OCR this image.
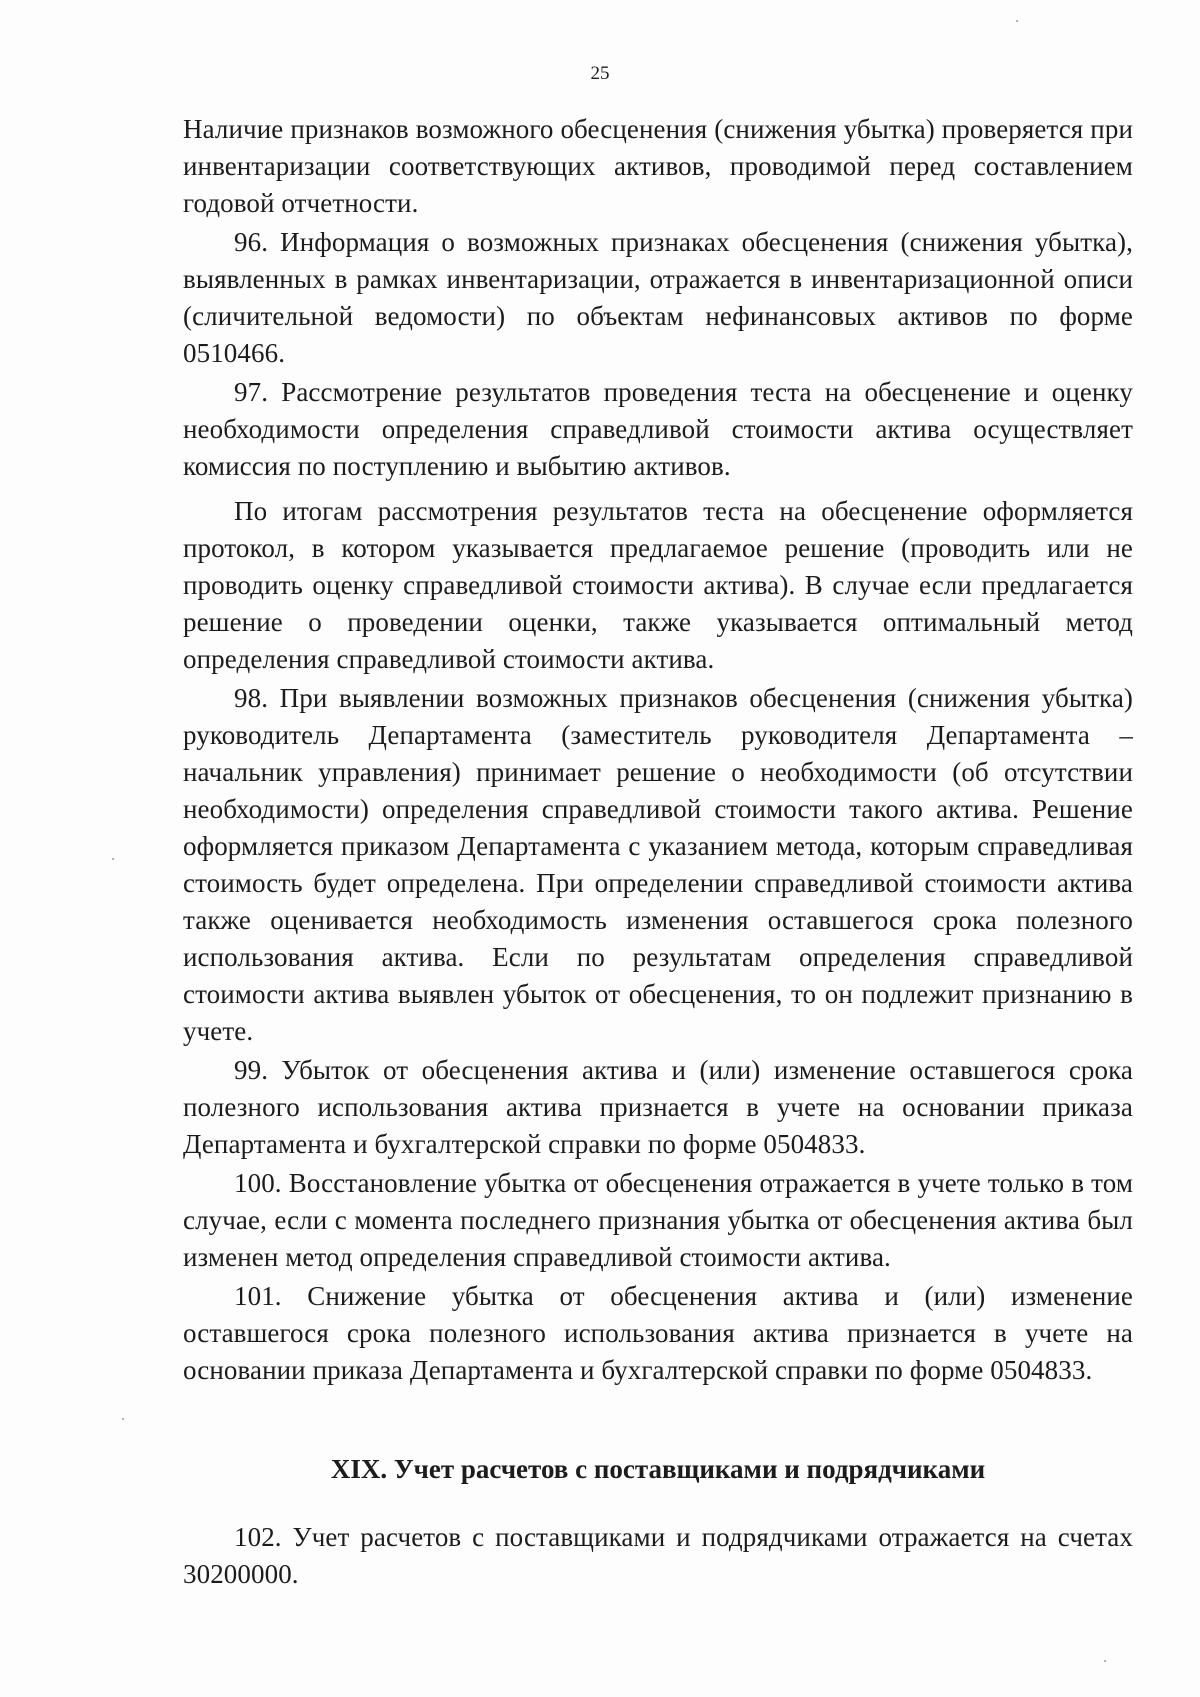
25

Наличие признаков возможного обесценения (снижения убытка) проверяется при инвентаризации соответствующих активов, проводимой перед составлением годовой отчетности.

96. Информация о возможных признаках обесценения (снижения убытка), выявленных в рамках инвентаризации, отражается в инвентаризационной описи (сличительной ведомости) по объектам нефинансовых активов по форме 0510466.

97. Рассмотрение результатов проведения теста на обесценение и оценку необходимости определения справедливой стоимости актива осуществляет комиссия по поступлению и выбытию активов.

По итогам рассмотрения результатов теста на обесценение оформляется протокол, в котором указывается предлагаемое решение (проводить или не проводить оценку справедливой стоимости актива). В случае если предлагается решение о проведении оценки, также указывается оптимальный метод определения справедливой стоимости актива.

98. При выявлении возможных признаков обесценения (снижения убытка) руководитель Департамента (заместитель руководителя Департамента – начальник управления) принимает решение о необходимости (об отсутствии необходимости) определения справедливой стоимости такого актива. Решение оформляется приказом Департамента с указанием метода, которым справедливая стоимость будет определена. При определении справедливой стоимости актива также оценивается необходимость изменения оставшегося срока полезного использования актива. Если по результатам определения справедливой стоимости актива выявлен убыток от обесценения, то он подлежит признанию в учете.

99. Убыток от обесценения актива и (или) изменение оставшегося срока полезного использования актива признается в учете на основании приказа Департамента и бухгалтерской справки по форме 0504833.

100. Восстановление убытка от обесценения отражается в учете только в том случае, если с момента последнего признания убытка от обесценения актива был изменен метод определения справедливой стоимости актива.

101. Снижение убытка от обесценения актива и (или) изменение оставшегося срока полезного использования актива признается в учете на основании приказа Департамента и бухгалтерской справки по форме 0504833.

XIX. Учет расчетов с поставщиками и подрядчиками

102. Учет расчетов с поставщиками и подрядчиками отражается на счетах 30200000.
